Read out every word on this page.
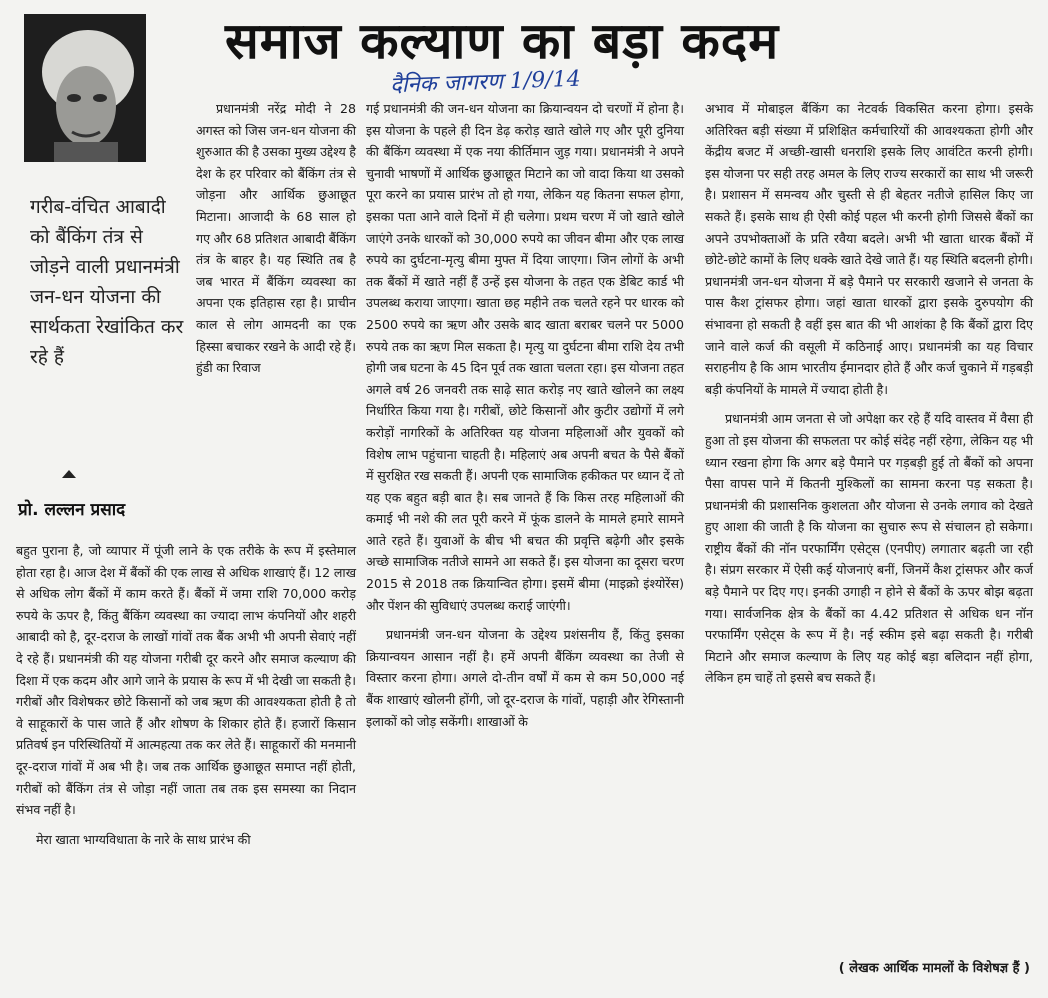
समाज कल्याण का बड़ा कदम
दैनिक जागरण 1/9/14
गरीब-वंचित आबादी को बैंकिंग तंत्र से जोड़ने वाली प्रधानमंत्री जन-धन योजना की सार्थकता रेखांकित कर रहे हैं
प्रो. लल्लन प्रसाद

प्रधानमंत्री नरेंद्र मोदी ने 28 अगस्त को जिस जन-धन योजना की शुरुआत की है उसका मुख्य उद्देश्य है देश के हर परिवार को बैंकिंग तंत्र से जोड़ना और आर्थिक छुआछूत मिटाना। आजादी के 68 साल हो गए और 68 प्रतिशत आबादी बैंकिंग तंत्र के बाहर है। यह स्थिति तब है जब भारत में बैंकिंग व्यवस्था का अपना एक इतिहास रहा है। प्राचीन काल से लोग आमदनी का एक हिस्सा बचाकर रखने के आदी रहे हैं। हुंडी का रिवाज

बहुत पुराना है, जो व्यापार में पूंजी लाने के एक तरीके के रूप में इस्तेमाल होता रहा है। आज देश में बैंकों की एक लाख से अधिक शाखाएं हैं। 12 लाख से अधिक लोग बैंकों में काम करते हैं। बैंकों में जमा राशि 70,000 करोड़ रुपये के ऊपर है, किंतु बैंकिंग व्यवस्था का ज्यादा लाभ कंपनियों और शहरी आबादी को है, दूर-दराज के लाखों गांवों तक बैंक अभी भी अपनी सेवाएं नहीं दे रहे हैं। प्रधानमंत्री की यह योजना गरीबी दूर करने और समाज कल्याण की दिशा में एक कदम और आगे जाने के प्रयास के रूप में भी देखी जा सकती है। गरीबों और विशेषकर छोटे किसानों को जब ऋण की आवश्यकता होती है तो वे साहूकारों के पास जाते हैं और शोषण के शिकार होते हैं। हजारों किसान प्रतिवर्ष इन परिस्थितियों में आत्महत्या तक कर लेते हैं। साहूकारों की मनमानी दूर-दराज गांवों में अब भी है। जब तक आर्थिक छुआछूत समाप्त नहीं होती, गरीबों को बैंकिंग तंत्र से जोड़ा नहीं जाता तब तक इस समस्या का निदान संभव नहीं है।

मेरा खाता भाग्यविधाता के नारे के साथ प्रारंभ की

गई प्रधानमंत्री की जन-धन योजना का क्रियान्वयन दो चरणों में होना है। इस योजना के पहले ही दिन डेढ़ करोड़ खाते खोले गए और पूरी दुनिया की बैंकिंग व्यवस्था में एक नया कीर्तिमान जुड़ गया। प्रधानमंत्री ने अपने चुनावी भाषणों में आर्थिक छुआछूत मिटाने का जो वादा किया था उसको पूरा करने का प्रयास प्रारंभ तो हो गया, लेकिन यह कितना सफल होगा, इसका पता आने वाले दिनों में ही चलेगा। प्रथम चरण में जो खाते खोले जाएंगे उनके धारकों को 30,000 रुपये का जीवन बीमा और एक लाख रुपये का दुर्घटना-मृत्यु बीमा मुफ्त में दिया जाएगा। जिन लोगों के अभी तक बैंकों में खाते नहीं हैं उन्हें इस योजना के तहत एक डेबिट कार्ड भी उपलब्ध कराया जाएगा। खाता छह महीने तक चलते रहने पर धारक को 2500 रुपये का ऋण और उसके बाद खाता बराबर चलने पर 5000 रुपये तक का ऋण मिल सकता है। मृत्यु या दुर्घटना बीमा राशि देय तभी होगी जब घटना के 45 दिन पूर्व तक खाता चलता रहा। इस योजना तहत अगले वर्ष 26 जनवरी तक साढ़े सात करोड़ नए खाते खोलने का लक्ष्य निर्धारित किया गया है। गरीबों, छोटे किसानों और कुटीर उद्योगों में लगे करोड़ों नागरिकों के अतिरिक्त यह योजना महिलाओं और युवकों को विशेष लाभ पहुंचाना चाहती है। महिलाएं अब अपनी बचत के पैसे बैंकों में सुरक्षित रख सकती हैं। अपनी एक सामाजिक हकीकत पर ध्यान दें तो यह एक बहुत बड़ी बात है। सब जानते हैं कि किस तरह महिलाओं की कमाई भी नशे की लत पूरी करने में फूंक डालने के मामले हमारे सामने आते रहते हैं। युवाओं के बीच भी बचत की प्रवृत्ति बढ़ेगी और इसके अच्छे सामाजिक नतीजे सामने आ सकते हैं। इस योजना का दूसरा चरण 2015 से 2018 तक क्रियान्वित होगा। इसमें बीमा (माइक्रो इंश्योरेंस) और पेंशन की सुविधाएं उपलब्ध कराई जाएंगी।

प्रधानमंत्री जन-धन योजना के उद्देश्य प्रशंसनीय हैं, किंतु इसका क्रियान्वयन आसान नहीं है। हमें अपनी बैंकिंग व्यवस्था का तेजी से विस्तार करना होगा। अगले दो-तीन वर्षों में कम से कम 50,000 नई बैंक शाखाएं खोलनी होंगी, जो दूर-दराज के गांवों, पहाड़ी और रेगिस्तानी इलाकों को जोड़ सकेंगी। शाखाओं के

अभाव में मोबाइल बैंकिंग का नेटवर्क विकसित करना होगा। इसके अतिरिक्त बड़ी संख्या में प्रशिक्षित कर्मचारियों की आवश्यकता होगी और केंद्रीय बजट में अच्छी-खासी धनराशि इसके लिए आवंटित करनी होगी। इस योजना पर सही तरह अमल के लिए राज्य सरकारों का साथ भी जरूरी है। प्रशासन में समन्वय और चुस्ती से ही बेहतर नतीजे हासिल किए जा सकते हैं। इसके साथ ही ऐसी कोई पहल भी करनी होगी जिससे बैंकों का अपने उपभोक्ताओं के प्रति रवैया बदले। अभी भी खाता धारक बैंकों में छोटे-छोटे कामों के लिए धक्के खाते देखे जाते हैं। यह स्थिति बदलनी होगी। प्रधानमंत्री जन-धन योजना में बड़े पैमाने पर सरकारी खजाने से जनता के पास कैश ट्रांसफर होगा। जहां खाता धारकों द्वारा इसके दुरुपयोग की संभावना हो सकती है वहीं इस बात की भी आशंका है कि बैंकों द्वारा दिए जाने वाले कर्ज की वसूली में कठिनाई आए। प्रधानमंत्री का यह विचार सराहनीय है कि आम भारतीय ईमानदार होते हैं और कर्ज चुकाने में गड़बड़ी बड़ी कंपनियों के मामले में ज्यादा होती है।

प्रधानमंत्री आम जनता से जो अपेक्षा कर रहे हैं यदि वास्तव में वैसा ही हुआ तो इस योजना की सफलता पर कोई संदेह नहीं रहेगा, लेकिन यह भी ध्यान रखना होगा कि अगर बड़े पैमाने पर गड़बड़ी हुई तो बैंकों को अपना पैसा वापस पाने में कितनी मुश्किलों का सामना करना पड़ सकता है। प्रधानमंत्री की प्रशासनिक कुशलता और योजना से उनके लगाव को देखते हुए आशा की जाती है कि योजना का सुचारु रूप से संचालन हो सकेगा। राष्ट्रीय बैंकों की नॉन परफार्मिंग एसेट्स (एनपीए) लगातार बढ़ती जा रही है। संप्रग सरकार में ऐसी कई योजनाएं बनीं, जिनमें कैश ट्रांसफर और कर्ज बड़े पैमाने पर दिए गए। इनकी उगाही न होने से बैंकों के ऊपर बोझ बढ़ता गया। सार्वजनिक क्षेत्र के बैंकों का 4.42 प्रतिशत से अधिक धन नॉन परफार्मिंग एसेट्स के रूप में है। नई स्कीम इसे बढ़ा सकती है। गरीबी मिटाने और समाज कल्याण के लिए यह कोई बड़ा बलिदान नहीं होगा, लेकिन हम चाहें तो इससे बच सकते हैं।

( लेखक आर्थिक मामलों के विशेषज्ञ हैं )
